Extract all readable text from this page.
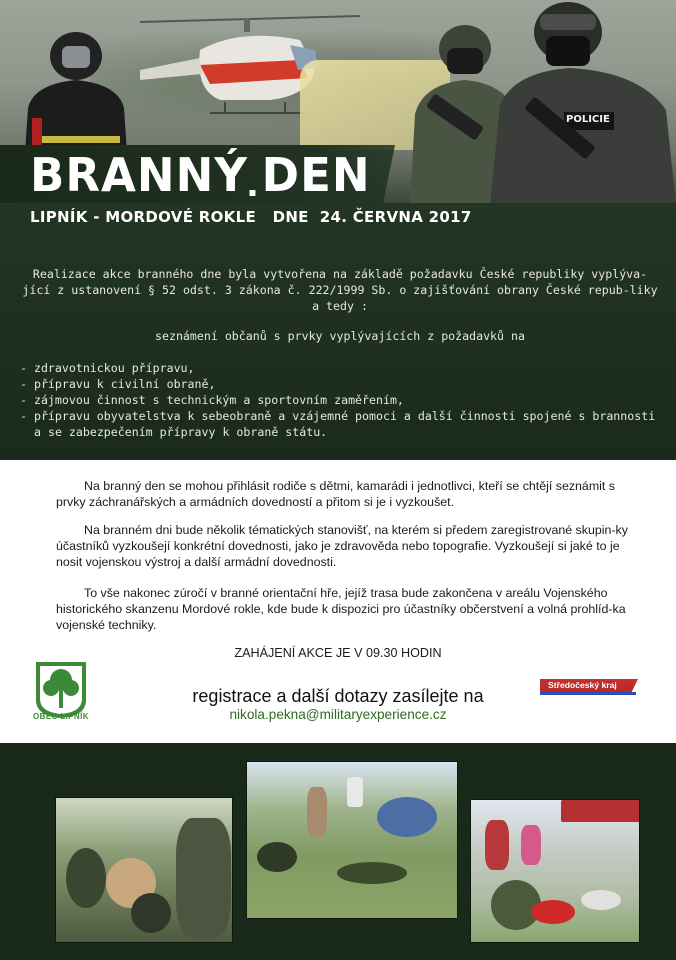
POLICIE
BRANNÝ DEN
LIPNÍK - MORDOVÉ ROKLE   DNE  24. ČERVNA 2017
Realizace akce branného dne byla vytvořena na základě požadavku České republiky vyplýva-jící z ustanovení § 52 odst. 3 zákona č. 222/1999 Sb. o zajišťování obrany České repub-liky a tedy :
seznámení občanů s prvky vyplývajících z požadavků na
- zdravotnickou přípravu,
- přípravu k civilní obraně,
- zájmovou činnost s technickým a sportovním zaměřením,
- přípravu obyvatelstva k sebeobraně a vzájemné pomoci a další činnosti spojené s brannosti a se zabezpečením přípravy k obraně státu.

Na branný den se mohou přihlásit rodiče s dětmi, kamarádi i jednotlivci, kteří se chtějí seznámit s prvky záchranářských a armádních dovedností a přitom si je i vyzkoušet.

Na branném dni bude několik tématických stanovišť, na kterém si předem zaregistrované skupin-ky účastníků vyzkoušejí konkrétní dovednosti, jako je zdravověda nebo topografie. Vyzkoušejí si jaké to je nosit vojenskou výstroj a další armádní dovednosti.

To vše nakonec zúročí v branné orientační hře, jejíž trasa bude zakončena v areálu Vojenského historického skanzenu Mordové rokle, kde bude k dispozici pro účastníky občerstvení a volná prohlíd-ka vojenské techniky.

ZAHÁJENÍ AKCE JE V 09.30 HODIN
registrace a další dotazy zasílejte na
nikola.pekna@militaryexperience.cz
OBEC LIPNÍK
Středočeský kraj
